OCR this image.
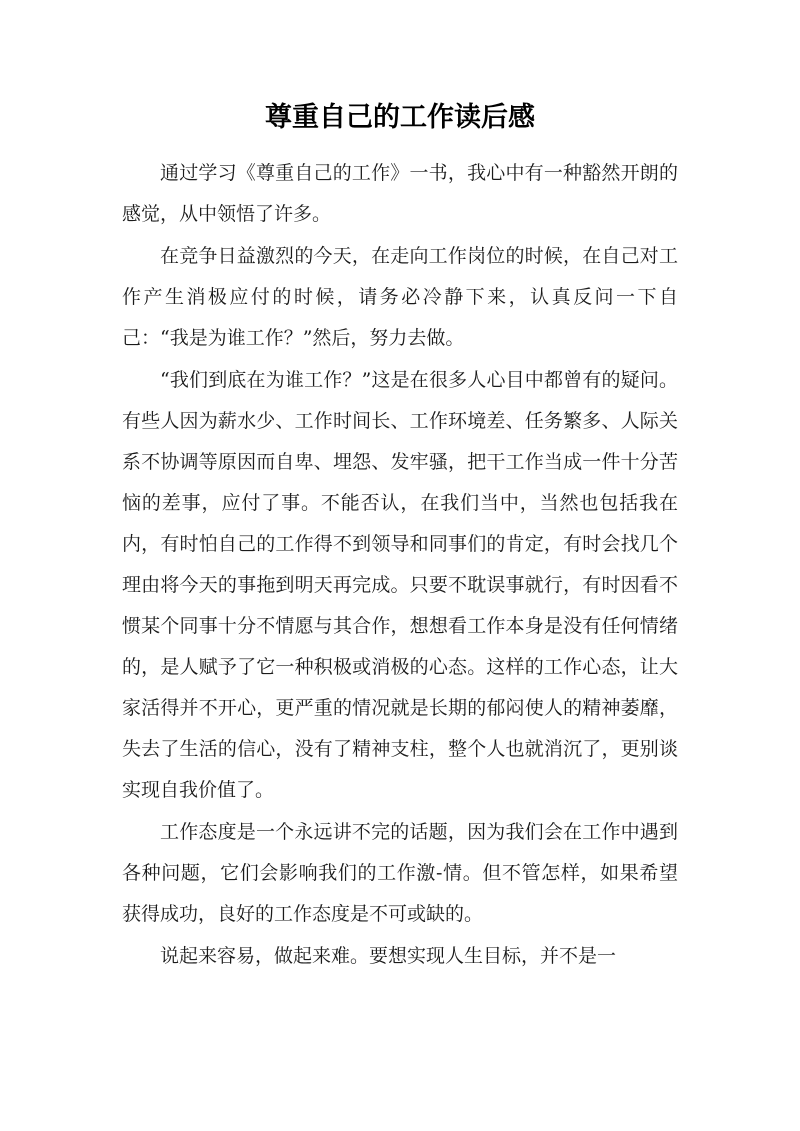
尊重自己的工作读后感

通过学习《尊重自己的工作》一书，我心中有一种豁然开朗的感觉，从中领悟了许多。

在竞争日益激烈的今天，在走向工作岗位的时候，在自己对工作产生消极应付的时候，请务必冷静下来，认真反问一下自己：“我是为谁工作？”然后，努力去做。

“我们到底在为谁工作？”这是在很多人心目中都曾有的疑问。有些人因为薪水少、工作时间长、工作环境差、任务繁多、人际关系不协调等原因而自卑、埋怨、发牢骚，把干工作当成一件十分苦恼的差事，应付了事。不能否认，在我们当中，当然也包括我在内，有时怕自己的工作得不到领导和同事们的肯定，有时会找几个理由将今天的事拖到明天再完成。只要不耽误事就行，有时因看不惯某个同事十分不情愿与其合作，想想看工作本身是没有任何情绪的，是人赋予了它一种积极或消极的心态。这样的工作心态，让大家活得并不开心，更严重的情况就是长期的郁闷使人的精神萎靡，失去了生活的信心，没有了精神支柱，整个人也就消沉了，更别谈实现自我价值了。

工作态度是一个永远讲不完的话题，因为我们会在工作中遇到各种问题，它们会影响我们的工作激-情。但不管怎样，如果希望获得成功，良好的工作态度是不可或缺的。

说起来容易，做起来难。要想实现人生目标，并不是一
